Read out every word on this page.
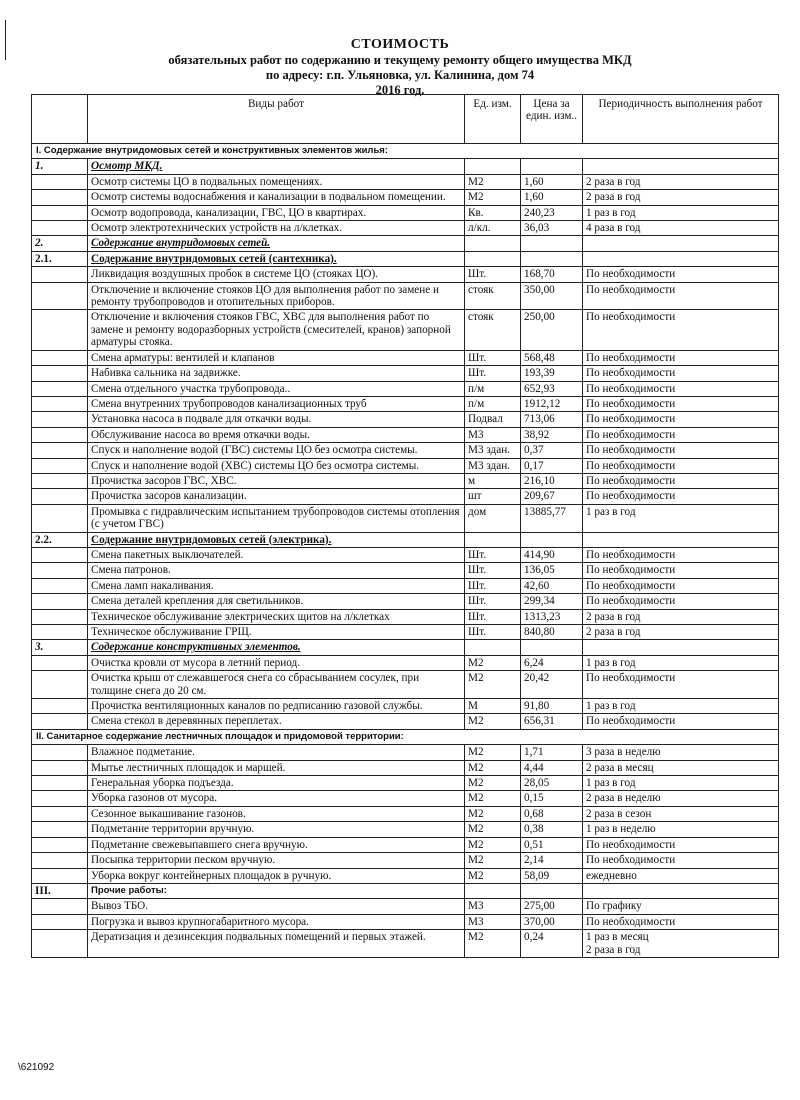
СТОИМОСТЬ
обязательных работ по содержанию и текущему ремонту общего имущества МКД
по адресу: г.п. Ульяновка, ул. Калинина, дом 74
2016 год.
	Виды работ	Ед. изм.	Цена за един. изм..	Периодичность выполнения работ
I. Содержание внутридомовых сетей и конструктивных элементов жилья:				
1.	Осмотр МКД.			
	Осмотр системы ЦО в подвальных помещениях.	М2	1,60	2 раза в год
	Осмотр системы водоснабжения и канализации в подвальном помещении.	М2	1,60	2 раза в год
	Осмотр водопровода, канализации, ГВС, ЦО в квартирах.	Кв.	240,23	1 раз в год
	Осмотр электротехнических устройств на л/клетках.	л/кл.	36,03	4 раза в год
2.	Содержание внутридомовых сетей.			
2.1.	Содержание внутридомовых сетей (сантехника).			
	Ликвидация воздушных пробок в системе ЦО (стояках ЦО).	Шт.	168,70	По необходимости
	Отключение и включение стояков ЦО для выполнения работ по замене и ремонту трубопроводов и отопительных приборов.	стояк	350,00	По необходимости
	Отключение и включения стояков ГВС, ХВС для выполнения работ по замене и ремонту водоразборных устройств (смесителей, кранов) запорной арматуры стояка.	стояк	250,00	По необходимости
	Смена арматуры: вентилей и клапанов	Шт.	568,48	По необходимости
	Набивка сальника на задвижке.	Шт.	193,39	По необходимости
	Смена отдельного участка трубопровода..	п/м	652,93	По необходимости
	Смена внутренних трубопроводов канализационных труб	п/м	1912,12	По необходимости
	Установка насоса в подвале для откачки воды.	Подвал	713,06	По необходимости
	Обслуживание насоса во время откачки воды.	М3	38,92	По необходимости
	Спуск и наполнение водой (ГВС) системы ЦО без осмотра системы.	М3 здан.	0,37	По необходимости
	Спуск и наполнение водой (ХВС) системы ЦО без осмотра системы.	М3 здан.	0,17	По необходимости
	Прочистка засоров ГВС, ХВС.	м	216,10	По необходимости
	Прочистка засоров канализации.	шт	209,67	По необходимости
	Промывка с гидравлическим испытанием трубопроводов системы отопления (с учетом ГВС)	дом	13885,77	1 раз в год
2.2.	Содержание внутридомовых сетей (электрика).			
	Смена пакетных выключателей.	Шт.	414,90	По необходимости
	Смена патронов.	Шт.	136,05	По необходимости
	Смена ламп накаливания.	Шт.	42,60	По необходимости
	Смена деталей крепления для светильников.	Шт.	299,34	По необходимости
	Техническое обслуживание электрических щитов на л/клетках	Шт.	1313,23	2 раза в год
	Техническое обслуживание ГРЩ.	Шт.	840,80	2 раза в год
3.	Содержание конструктивных элементов.			
	Очистка кровли от мусора в летний период.	М2	6,24	1 раз в год
	Очистка крыш от слежавшегося снега со сбрасыванием сосулек, при толщине снега до 20 см.	М2	20,42	По необходимости
	Прочистка вентиляционных каналов по редписанию газовой службы.	М	91,80	1 раз в год
	Смена стекол в деревянных переплетах.	М2	656,31	По необходимости
II. Санитарное содержание лестничных площадок и придомовой территории:				
	Влажное подметание.	М2	1,71	3 раза в неделю
	Мытье лестничных площадок и маршей.	М2	4,44	2 раза в месяц
	Генеральная уборка подъезда.	М2	28,05	1 раз в год
	Уборка газонов от мусора.	М2	0,15	2 раза в неделю
	Сезонное выкашивание газонов.	М2	0,68	2 раза в сезон
	Подметание территории вручную.	М2	0,38	1 раз в неделю
	Подметание свежевыпавшего снега вручную.	М2	0,51	По необходимости
	Посыпка территории песком вручную.	М2	2,14	По необходимости
	Уборка вокруг контейнерных площадок в ручную.	М2	58,09	ежедневно
III.	Прочие работы:			
	Вывоз ТБО.	М3	275,00	По графику
	Погрузка и вывоз крупногабаритного мусора.	М3	370,00	По необходимости
	Дератизация и дезинсекция подвальных помещений и первых этажей.	М2	0,24	1 раз в месяц
2 раза в год
\621092
